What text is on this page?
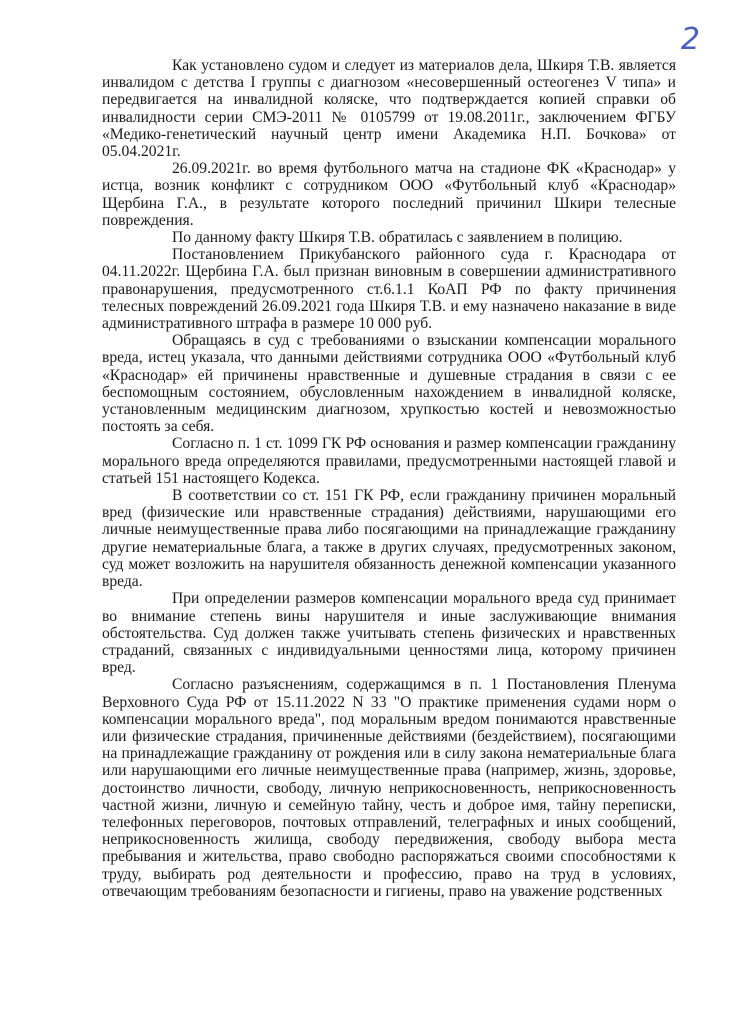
2

Как установлено судом и следует из материалов дела, Шкиря Т.В. является инвалидом с детства I группы с диагнозом «несовершенный остеогенез V типа» и передвигается на инвалидной коляске, что подтверждается копией справки об инвалидности серии СМЭ-2011 № 0105799 от 19.08.2011г., заключением ФГБУ «Медико-генетический научный центр имени Академика Н.П. Бочкова» от 05.04.2021г.

26.09.2021г. во время футбольного матча на стадионе ФК «Краснодар» у истца, возник конфликт с сотрудником ООО «Футбольный клуб «Краснодар» Щербина Г.А., в результате которого последний причинил Шкири телесные повреждения.

По данному факту Шкиря Т.В. обратилась с заявлением в полицию.

Постановлением Прикубанского районного суда г. Краснодара от 04.11.2022г. Щербина Г.А. был признан виновным в совершении административного правонарушения, предусмотренного ст.6.1.1 КоАП РФ по факту причинения телесных повреждений 26.09.2021 года Шкиря Т.В. и ему назначено наказание в виде административного штрафа в размере 10 000 руб.

Обращаясь в суд с требованиями о взыскании компенсации морального вреда, истец указала, что данными действиями сотрудника ООО «Футбольный клуб «Краснодар» ей причинены нравственные и душевные страдания в связи с ее беспомощным состоянием, обусловленным нахождением в инвалидной коляске, установленным медицинским диагнозом, хрупкостью костей и невозможностью постоять за себя.

Согласно п. 1 ст. 1099 ГК РФ основания и размер компенсации гражданину морального вреда определяются правилами, предусмотренными настоящей главой и статьей 151 настоящего Кодекса.

В соответствии со ст. 151 ГК РФ, если гражданину причинен моральный вред (физические или нравственные страдания) действиями, нарушающими его личные неимущественные права либо посягающими на принадлежащие гражданину другие нематериальные блага, а также в других случаях, предусмотренных законом, суд может возложить на нарушителя обязанность денежной компенсации указанного вреда.

При определении размеров компенсации морального вреда суд принимает во внимание степень вины нарушителя и иные заслуживающие внимания обстоятельства. Суд должен также учитывать степень физических и нравственных страданий, связанных с индивидуальными ценностями лица, которому причинен вред.

Согласно разъяснениям, содержащимся в п. 1 Постановления Пленума Верховного Суда РФ от 15.11.2022 N 33 "О практике применения судами норм о компенсации морального вреда", под моральным вредом понимаются нравственные или физические страдания, причиненные действиями (бездействием), посягающими на принадлежащие гражданину от рождения или в силу закона нематериальные блага или нарушающими его личные неимущественные права (например, жизнь, здоровье, достоинство личности, свободу, личную неприкосновенность, неприкосновенность частной жизни, личную и семейную тайну, честь и доброе имя, тайну переписки, телефонных переговоров, почтовых отправлений, телеграфных и иных сообщений, неприкосновенность жилища, свободу передвижения, свободу выбора места пребывания и жительства, право свободно распоряжаться своими способностями к труду, выбирать род деятельности и профессию, право на труд в условиях, отвечающим требованиям безопасности и гигиены, право на уважение родственных
